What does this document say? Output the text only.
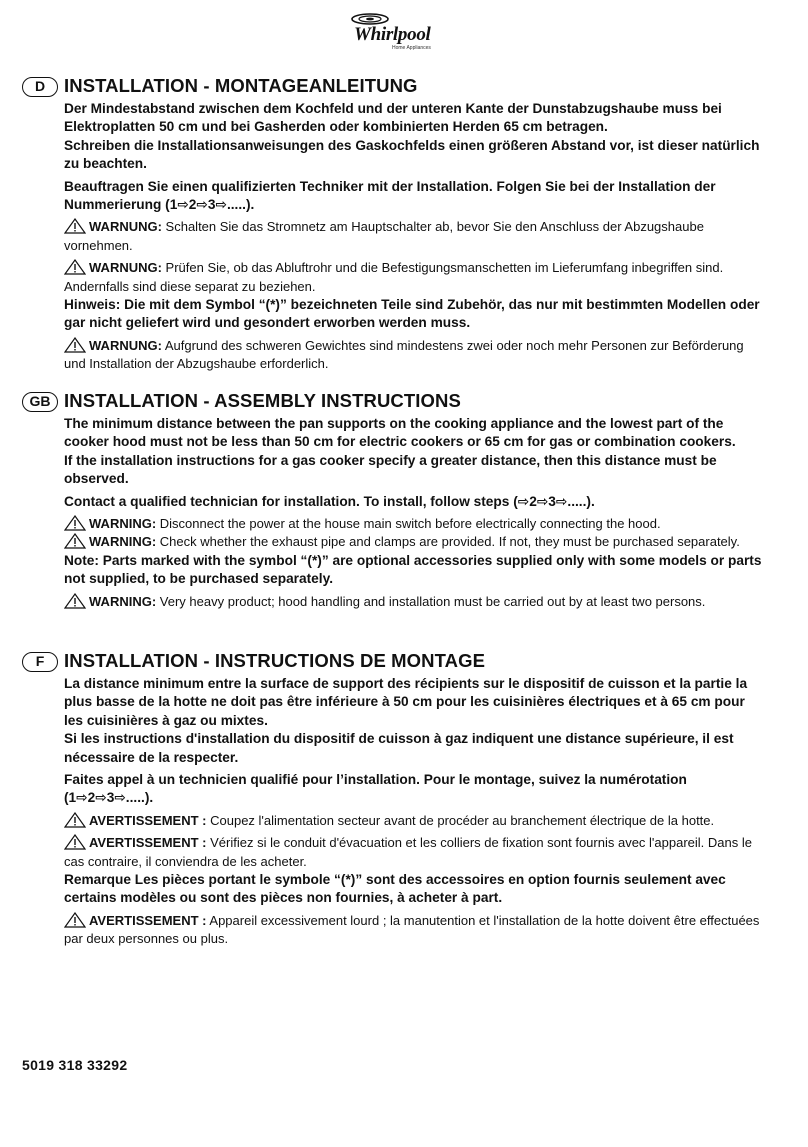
Whirlpool
Home Appliances
D	INSTALLATION - MONTAGEANLEITUNG

Der Mindestabstand zwischen dem Kochfeld und der unteren Kante der Dunstabzugshaube muss bei Elektroplatten 50 cm und bei Gasherden oder kombinierten Herden 65 cm betragen.

Schreiben die Installationsanweisungen des Gaskochfelds einen größeren Abstand vor, ist dieser natürlich zu beachten.

Beauftragen Sie einen qualifizierten Techniker mit der Installation. Folgen Sie bei der Installation der Nummerierung (1⇨2⇨3⇨.....).

WARNUNG: Schalten Sie das Stromnetz am Hauptschalter ab, bevor Sie den Anschluss der Abzugshaube vornehmen.

WARNUNG: Prüfen Sie, ob das Abluftrohr und die Befestigungsmanschetten im Lieferumfang inbegriffen sind. Andernfalls sind diese separat zu beziehen.

Hinweis: Die mit dem Symbol “(*)” bezeichneten Teile sind Zubehör, das nur mit bestimmten Modellen oder gar nicht geliefert wird und gesondert erworben werden muss.

WARNUNG: Aufgrund des schweren Gewichtes sind mindestens zwei oder noch mehr Personen zur Beförderung und Installation der Abzugshaube erforderlich.

GB INSTALLATION - ASSEMBLY INSTRUCTIONS

The minimum distance between the pan supports on the cooking appliance and the lowest part of the cooker hood must not be less than 50 cm for electric cookers or 65 cm for gas or combination cookers.

If the installation instructions for a gas cooker specify a greater distance, then this distance must be observed.

Contact a qualified technician for installation. To install, follow steps (⇨2⇨3⇨.....).

WARNING: Disconnect the power at the house main switch before electrically connecting the hood.

WARNING: Check whether the exhaust pipe and clamps are provided. If not, they must be purchased separately.

Note: Parts marked with the symbol “(*)” are optional accessories supplied only with some models or parts not supplied, to be purchased separately.

WARNING: Very heavy product; hood handling and installation must be carried out by at least two persons.

F	INSTALLATION - INSTRUCTIONS DE MONTAGE

La distance minimum entre la surface de support des récipients sur le dispositif de cuisson et la partie la plus basse de la hotte ne doit pas être inférieure à 50 cm pour les cuisinières électriques et à 65 cm pour les cuisinières à gaz ou mixtes.

Si les instructions d'installation du dispositif de cuisson à gaz indiquent une distance supérieure, il est nécessaire de la respecter.

Faites appel à un technicien qualifié pour l’installation. Pour le montage, suivez la numérotation (1⇨2⇨3⇨.....).

AVERTISSEMENT : Coupez l'alimentation secteur avant de procéder au branchement électrique de la hotte.

AVERTISSEMENT : Vérifiez si le conduit d'évacuation et les colliers de fixation sont fournis avec l'appareil. Dans le cas contraire, il conviendra de les acheter.

Remarque Les pièces portant le symbole “(*)” sont des accessoires en option fournis seulement avec certains modèles ou sont des pièces non fournies, à acheter à part.

AVERTISSEMENT : Appareil excessivement lourd ; la manutention et l'installation de la hotte doivent être effectuées par deux personnes ou plus.

5019 318 33292
